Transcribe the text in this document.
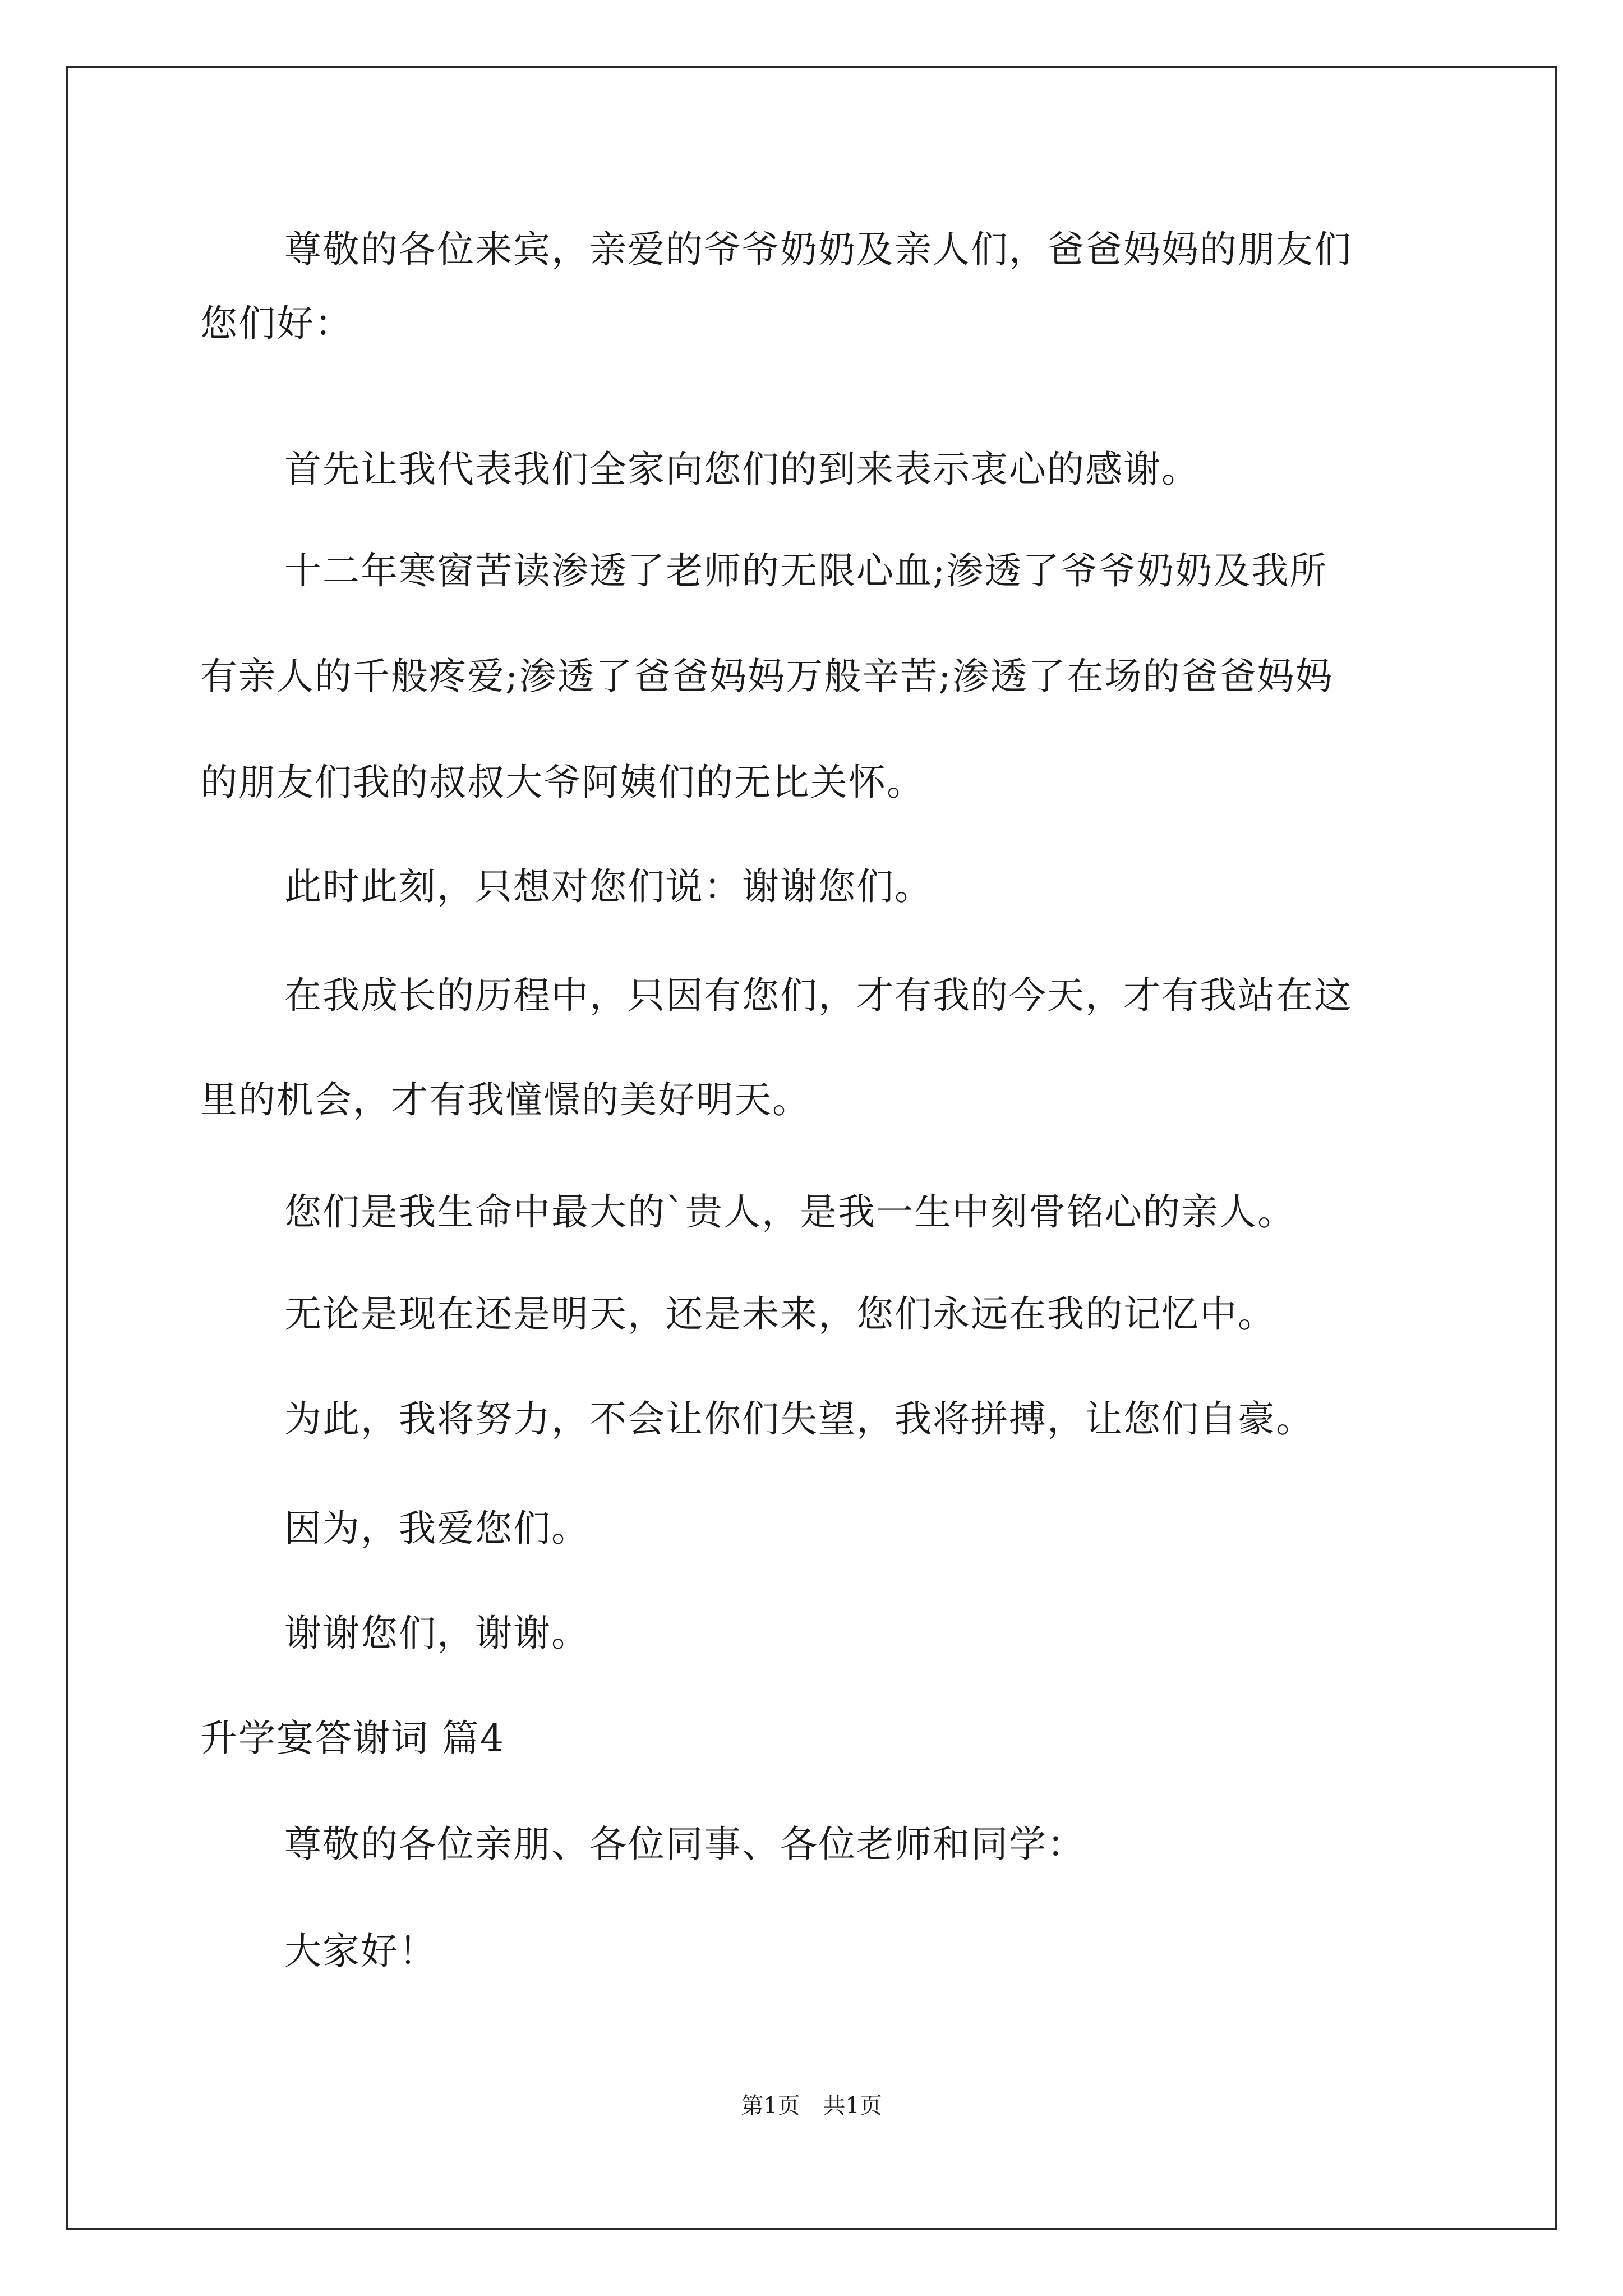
尊敬的各位来宾，亲爱的爷爷奶奶及亲人们，爸爸妈妈的朋友们
您们好：
首先让我代表我们全家向您们的到来表示衷心的感谢。
十二年寒窗苦读渗透了老师的无限心血;渗透了爷爷奶奶及我所
有亲人的千般疼爱;渗透了爸爸妈妈万般辛苦;渗透了在场的爸爸妈妈
的朋友们我的叔叔大爷阿姨们的无比关怀。
此时此刻，只想对您们说：谢谢您们。
在我成长的历程中，只因有您们，才有我的今天，才有我站在这
里的机会，才有我憧憬的美好明天。
您们是我生命中最大的`贵人，是我一生中刻骨铭心的亲人。
无论是现在还是明天，还是未来，您们永远在我的记忆中。
为此，我将努力，不会让你们失望，我将拼搏，让您们自豪。
因为，我爱您们。
谢谢您们，谢谢。
升学宴答谢词 篇4
尊敬的各位亲朋、各位同事、各位老师和同学：
大家好！
第1页 共1页
